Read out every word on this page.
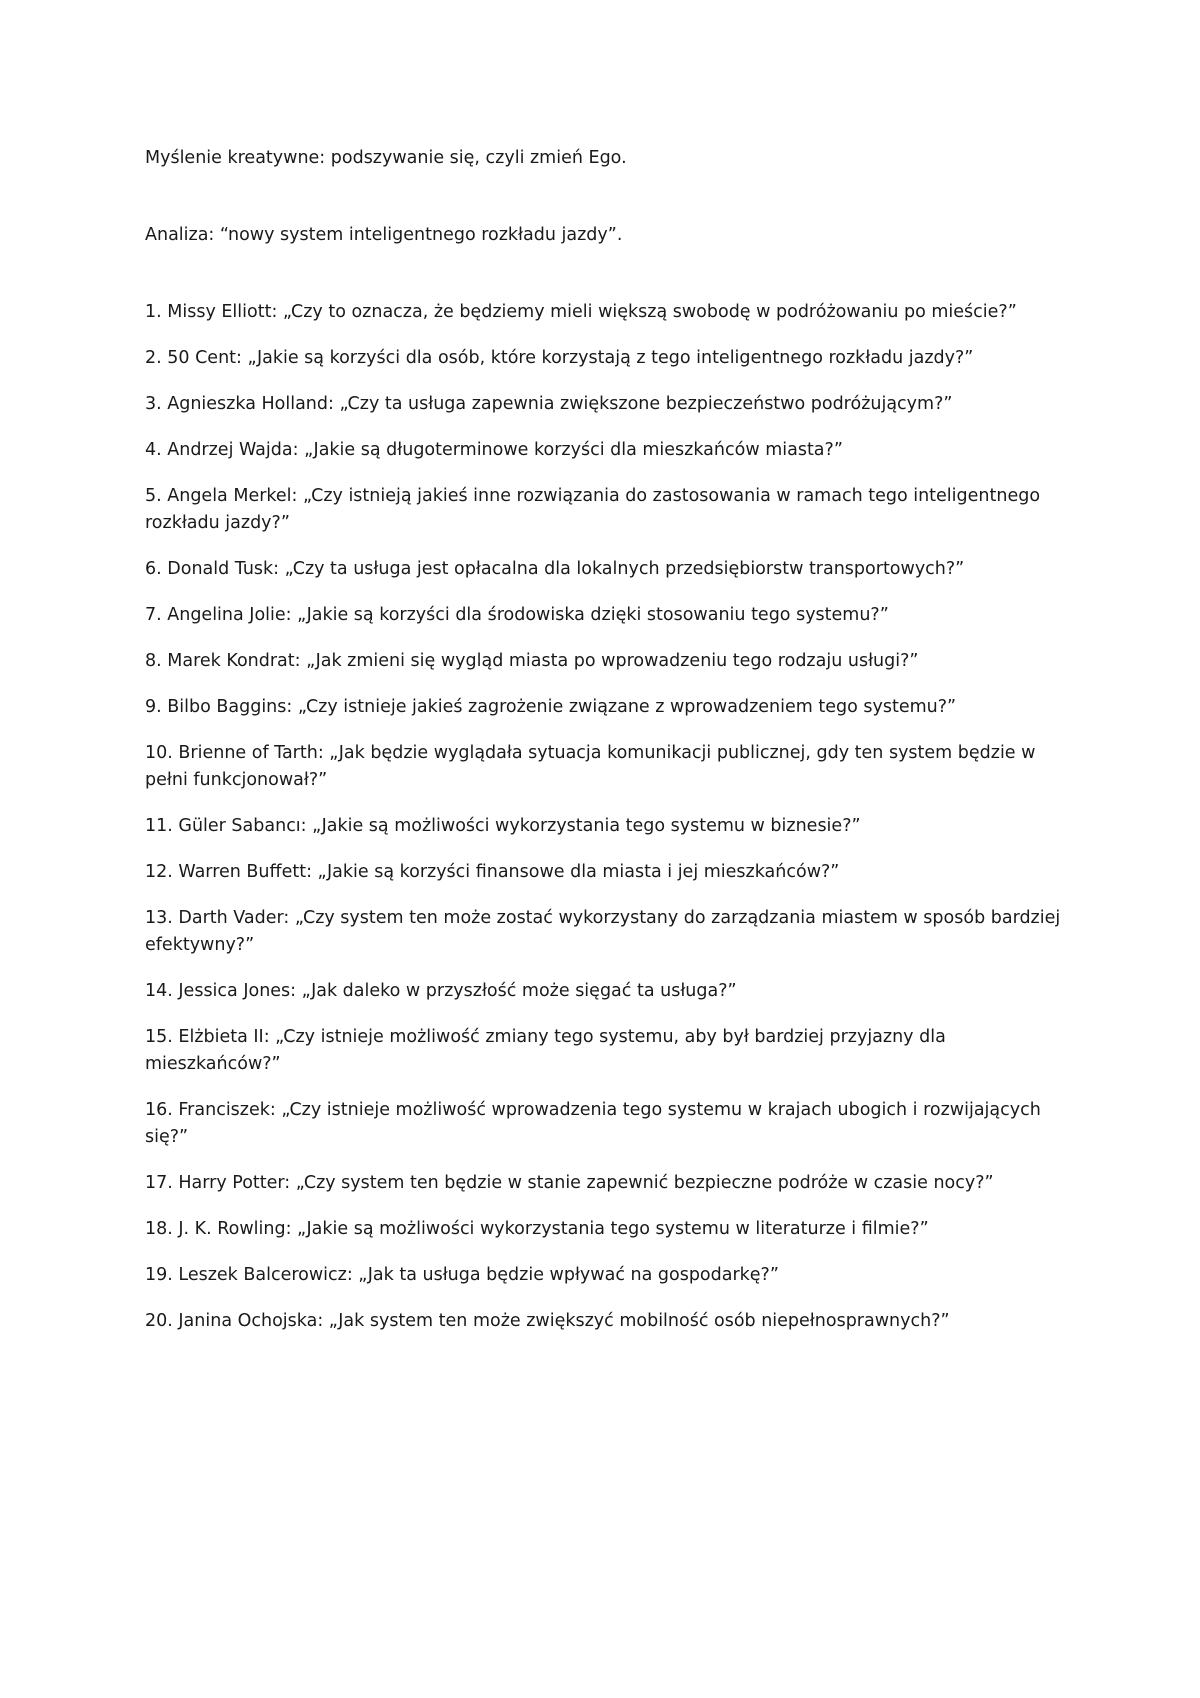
Myślenie kreatywne: podszywanie się, czyli zmień Ego.

Analiza: “nowy system inteligentnego rozkładu jazdy”.

1. Missy Elliott: „Czy to oznacza, że będziemy mieli większą swobodę w podróżowaniu po mieście?”
2. 50 Cent: „Jakie są korzyści dla osób, które korzystają z tego inteligentnego rozkładu jazdy?”
3. Agnieszka Holland: „Czy ta usługa zapewnia zwiększone bezpieczeństwo podróżującym?”
4. Andrzej Wajda: „Jakie są długoterminowe korzyści dla mieszkańców miasta?”
5. Angela Merkel: „Czy istnieją jakieś inne rozwiązania do zastosowania w ramach tego inteligentnego rozkładu jazdy?”
6. Donald Tusk: „Czy ta usługa jest opłacalna dla lokalnych przedsiębiorstw transportowych?”
7. Angelina Jolie: „Jakie są korzyści dla środowiska dzięki stosowaniu tego systemu?”
8. Marek Kondrat: „Jak zmieni się wygląd miasta po wprowadzeniu tego rodzaju usługi?”
9. Bilbo Baggins: „Czy istnieje jakieś zagrożenie związane z wprowadzeniem tego systemu?”
10. Brienne of Tarth: „Jak będzie wyglądała sytuacja komunikacji publicznej, gdy ten system będzie w pełni funkcjonował?”
11. Güler Sabancı: „Jakie są możliwości wykorzystania tego systemu w biznesie?”
12. Warren Buffett: „Jakie są korzyści finansowe dla miasta i jej mieszkańców?”
13. Darth Vader: „Czy system ten może zostać wykorzystany do zarządzania miastem w sposób bardziej efektywny?”
14. Jessica Jones: „Jak daleko w przyszłość może sięgać ta usługa?”
15. Elżbieta II: „Czy istnieje możliwość zmiany tego systemu, aby był bardziej przyjazny dla mieszkańców?”
16. Franciszek: „Czy istnieje możliwość wprowadzenia tego systemu w krajach ubogich i rozwijających się?”
17. Harry Potter: „Czy system ten będzie w stanie zapewnić bezpieczne podróże w czasie nocy?”
18. J. K. Rowling: „Jakie są możliwości wykorzystania tego systemu w literaturze i filmie?”
19. Leszek Balcerowicz: „Jak ta usługa będzie wpływać na gospodarkę?”
20. Janina Ochojska: „Jak system ten może zwiększyć mobilność osób niepełnosprawnych?”
